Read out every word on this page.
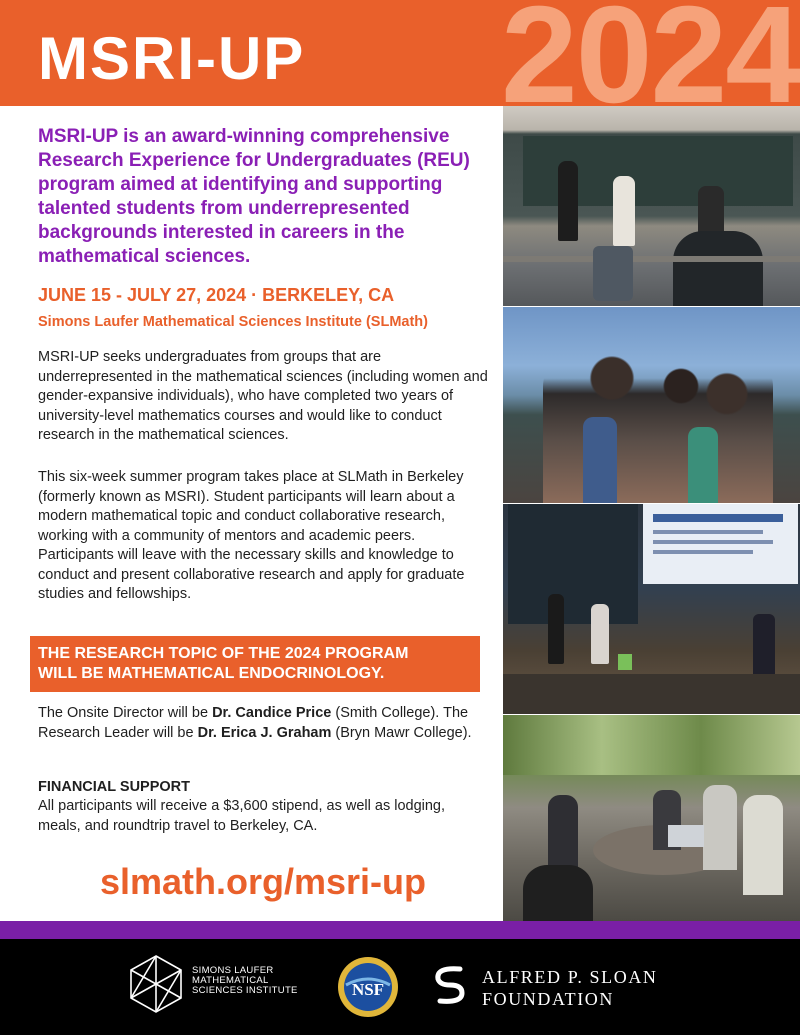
2024
MSRI-UP

MSRI-UP is an award-winning comprehensive Research Experience for Undergraduates (REU) program aimed at identifying and supporting talented students from underrepresented backgrounds interested in careers in the mathematical sciences.

JUNE 15 - JULY 27, 2024 · BERKELEY, CA

Simons Laufer Mathematical Sciences Institute (SLMath)

MSRI-UP seeks undergraduates from groups that are underrepresented in the mathematical sciences (including women and gender-expansive individuals), who have completed two years of university-level mathematics courses and would like to conduct research in the mathematical sciences.

This six-week summer program takes place at SLMath in Berkeley (formerly known as MSRI). Student participants will learn about a modern mathematical topic and conduct collaborative research, working with a community of mentors and academic peers. Participants will leave with the necessary skills and knowledge to conduct and present collaborative research and apply for graduate studies and fellowships.

THE RESEARCH TOPIC OF THE 2024 PROGRAM
WILL BE MATHEMATICAL ENDOCRINOLOGY.

The Onsite Director will be Dr. Candice Price (Smith College). The Research Leader will be Dr. Erica J. Graham (Bryn Mawr College).

FINANCIAL SUPPORT

All participants will receive a $3,600 stipend, as well as lodging, meals, and roundtrip travel to Berkeley, CA.

slmath.org/msri-up
SIMONS LAUFER
MATHEMATICAL
SCIENCES INSTITUTE	NSF
ALFRED P. SLOAN
FOUNDATION
